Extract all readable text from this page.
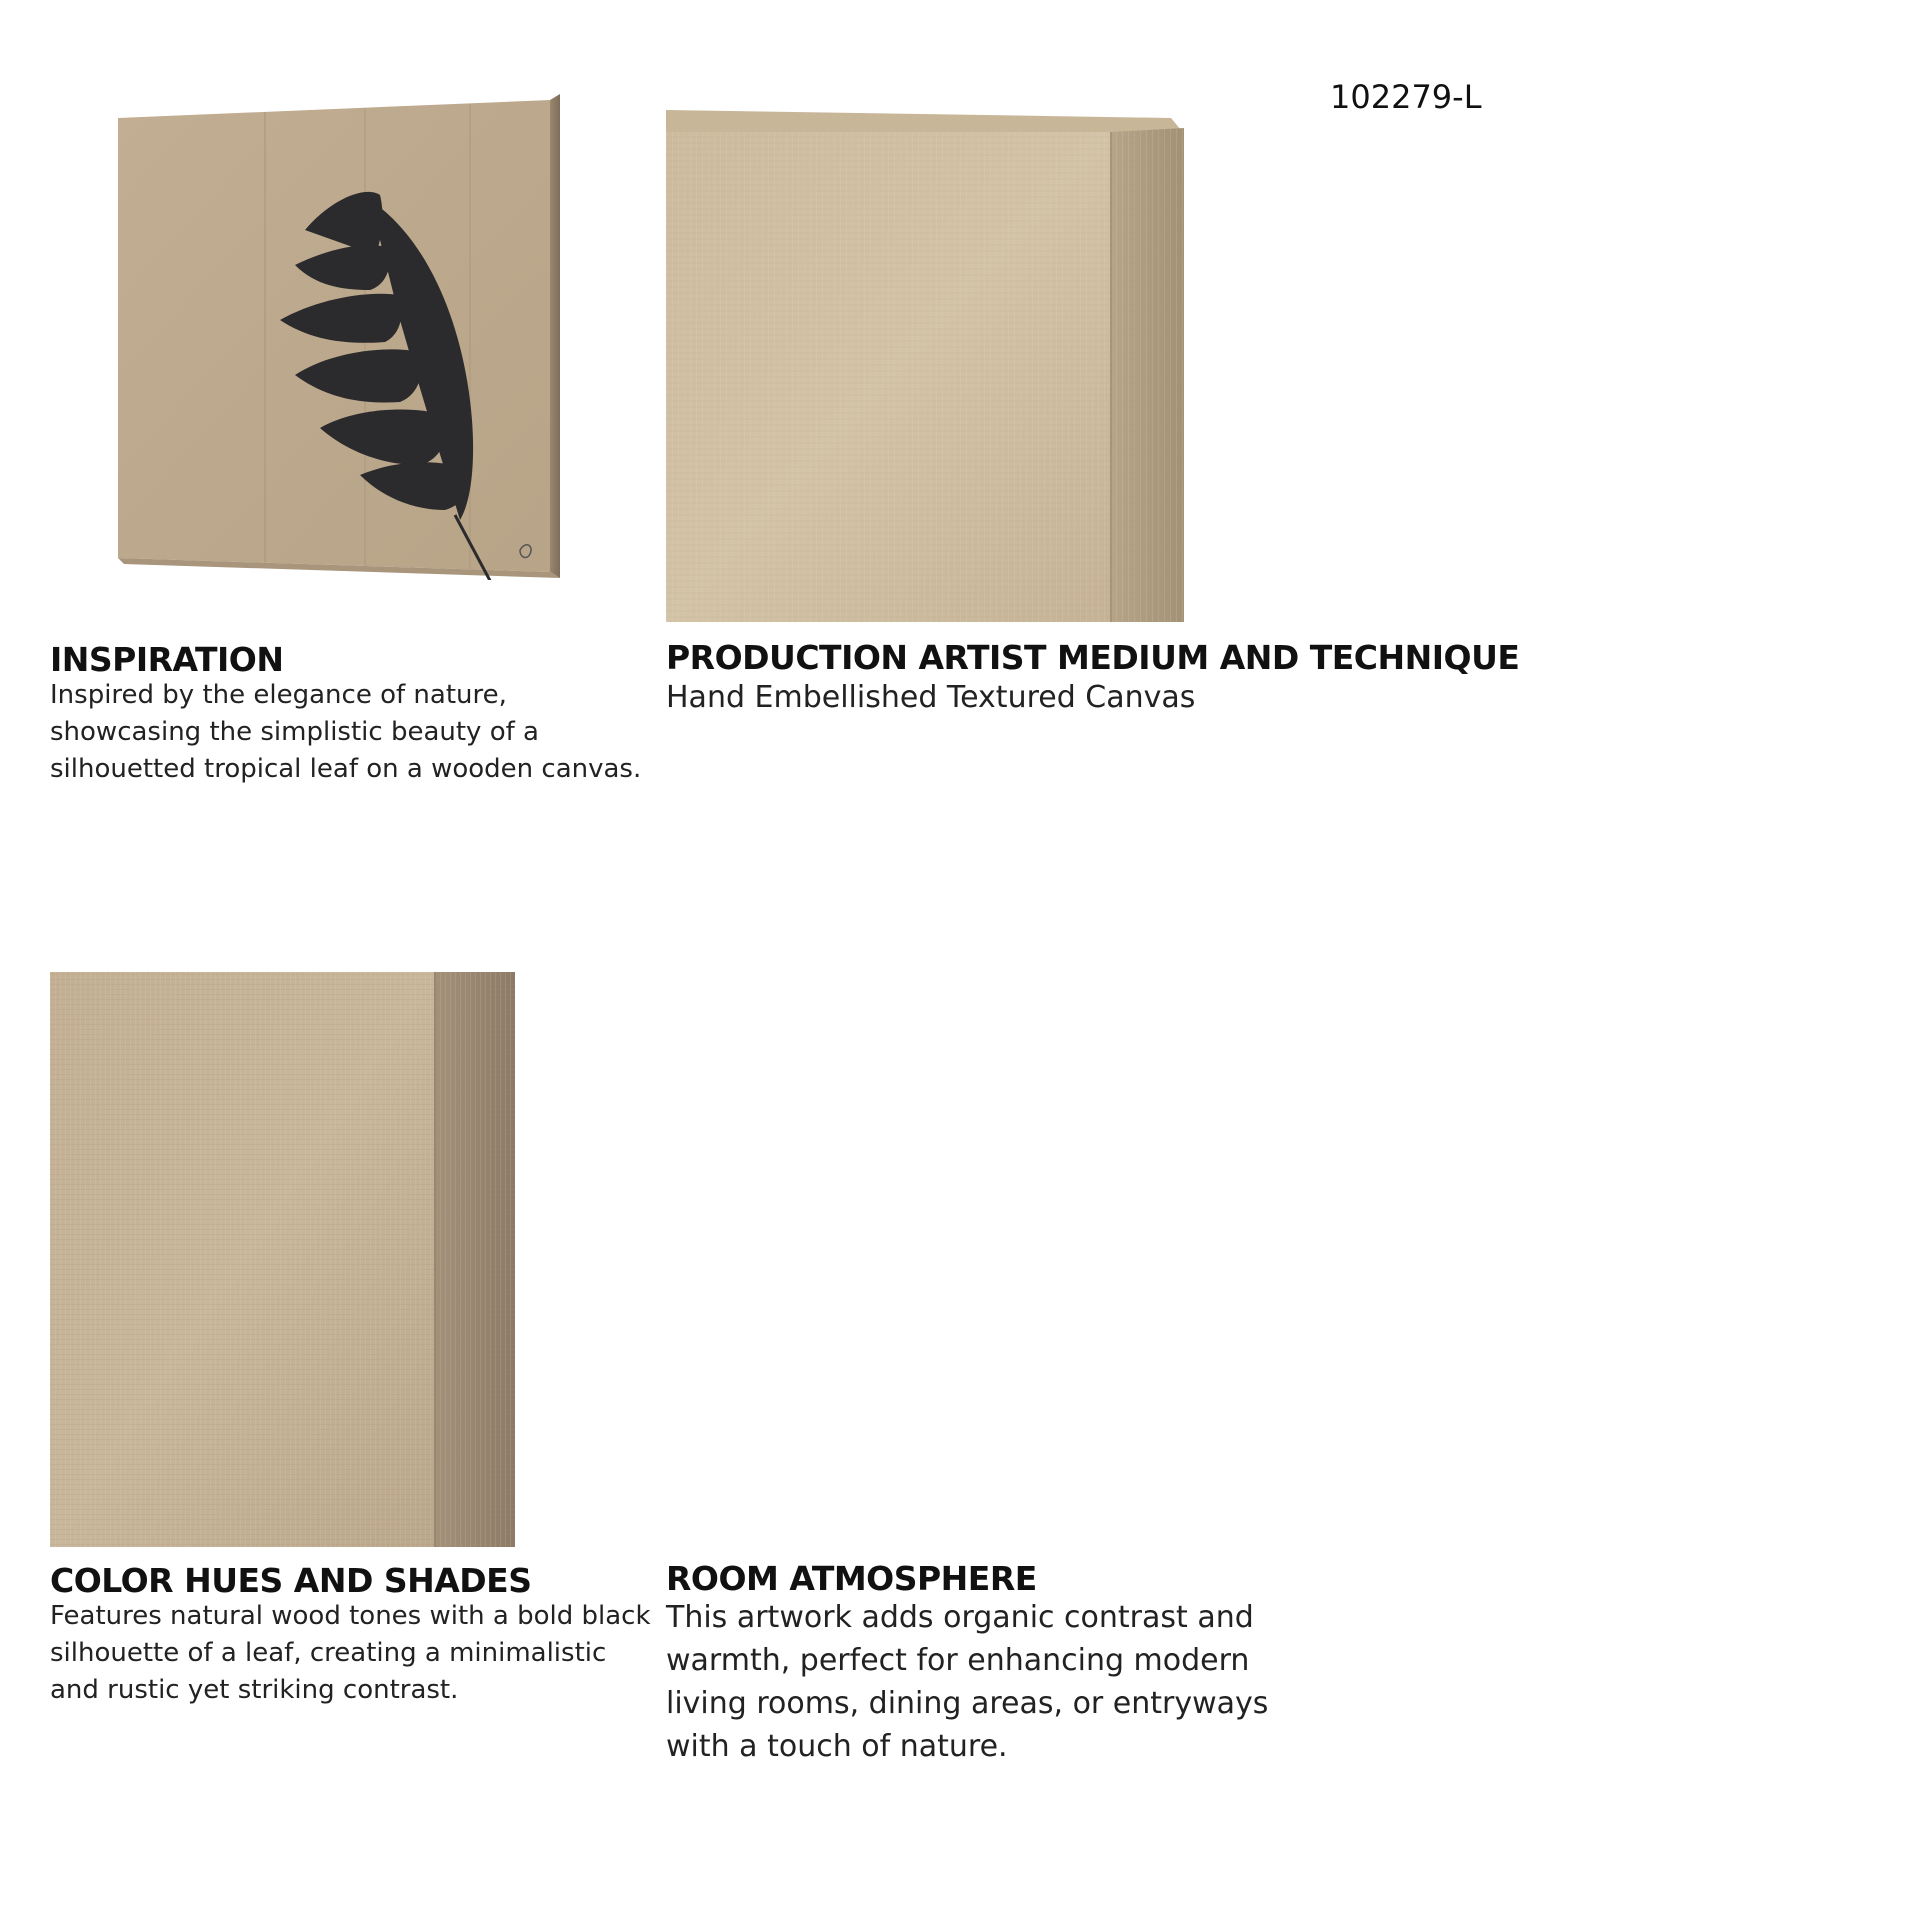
102279-L
INSPIRATION
Inspired by the elegance of nature,
showcasing the simplistic beauty of a
silhouetted tropical leaf on a wooden canvas.
PRODUCTION ARTIST MEDIUM AND TECHNIQUE
Hand Embellished Textured Canvas
COLOR HUES AND SHADES
Features natural wood tones with a bold black
silhouette of a leaf, creating a minimalistic
and rustic yet striking contrast.
ROOM ATMOSPHERE
This artwork adds organic contrast and
warmth, perfect for enhancing modern
living rooms, dining areas, or entryways
with a touch of nature.
